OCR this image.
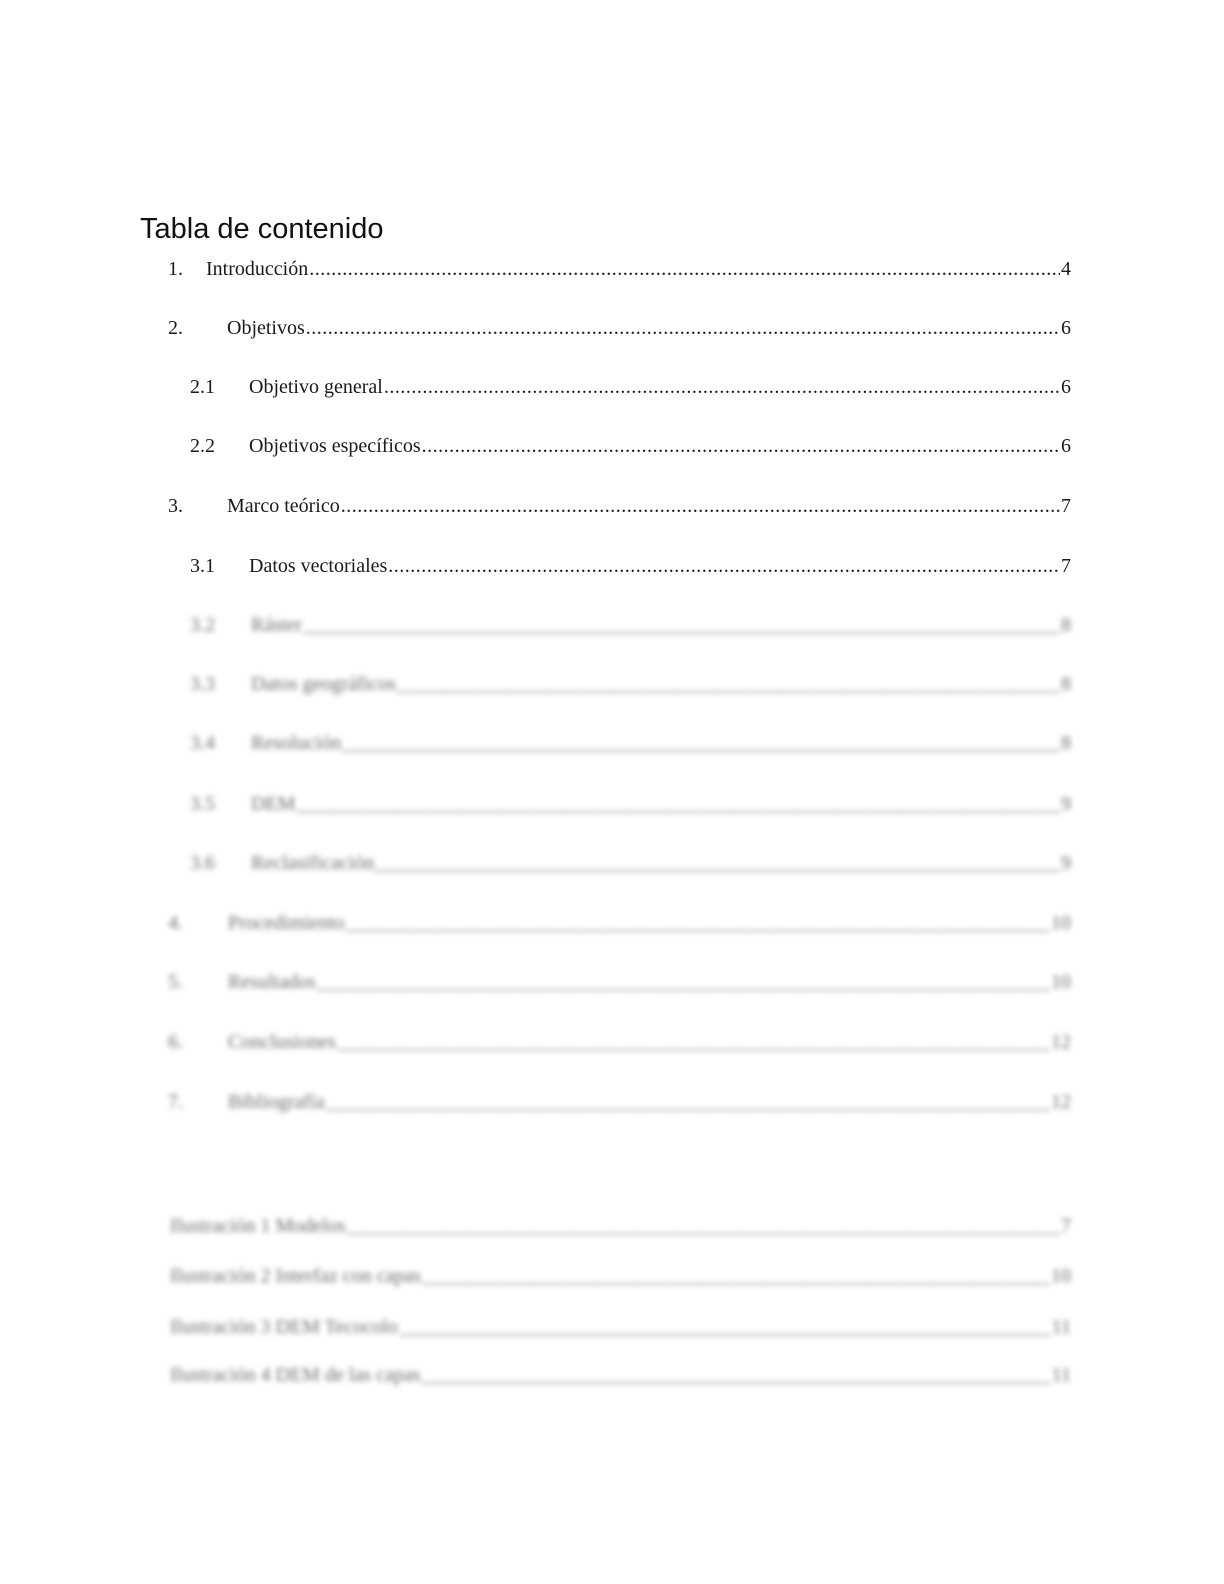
Tabla de contenido
1. Introducción .....	4
2. Objetivos .....	6
2.1 Objetivo general .....	6
2.2 Objetivos específicos .....	6
3. Marco teórico .....	7
3.1 Datos vectoriales .....	7
3.2 Ráster _____	8
3.3 Datos geográficos _____	8
3.4 Resolución _____	8
3.5 DEM _____	9
3.6 Reclasificación _____	9
4. Procedimiento _____	10
5. Resultados _____	10
6. Conclusiones _____	12
7. Bibliografía _____	12
Ilustración 1 Modelos _____	7
Ilustración 2 Interfaz con capas _____	10
Ilustración 3 DEM Tecocolo _____	11
Ilustración 4 DEM de las capas _____	11
